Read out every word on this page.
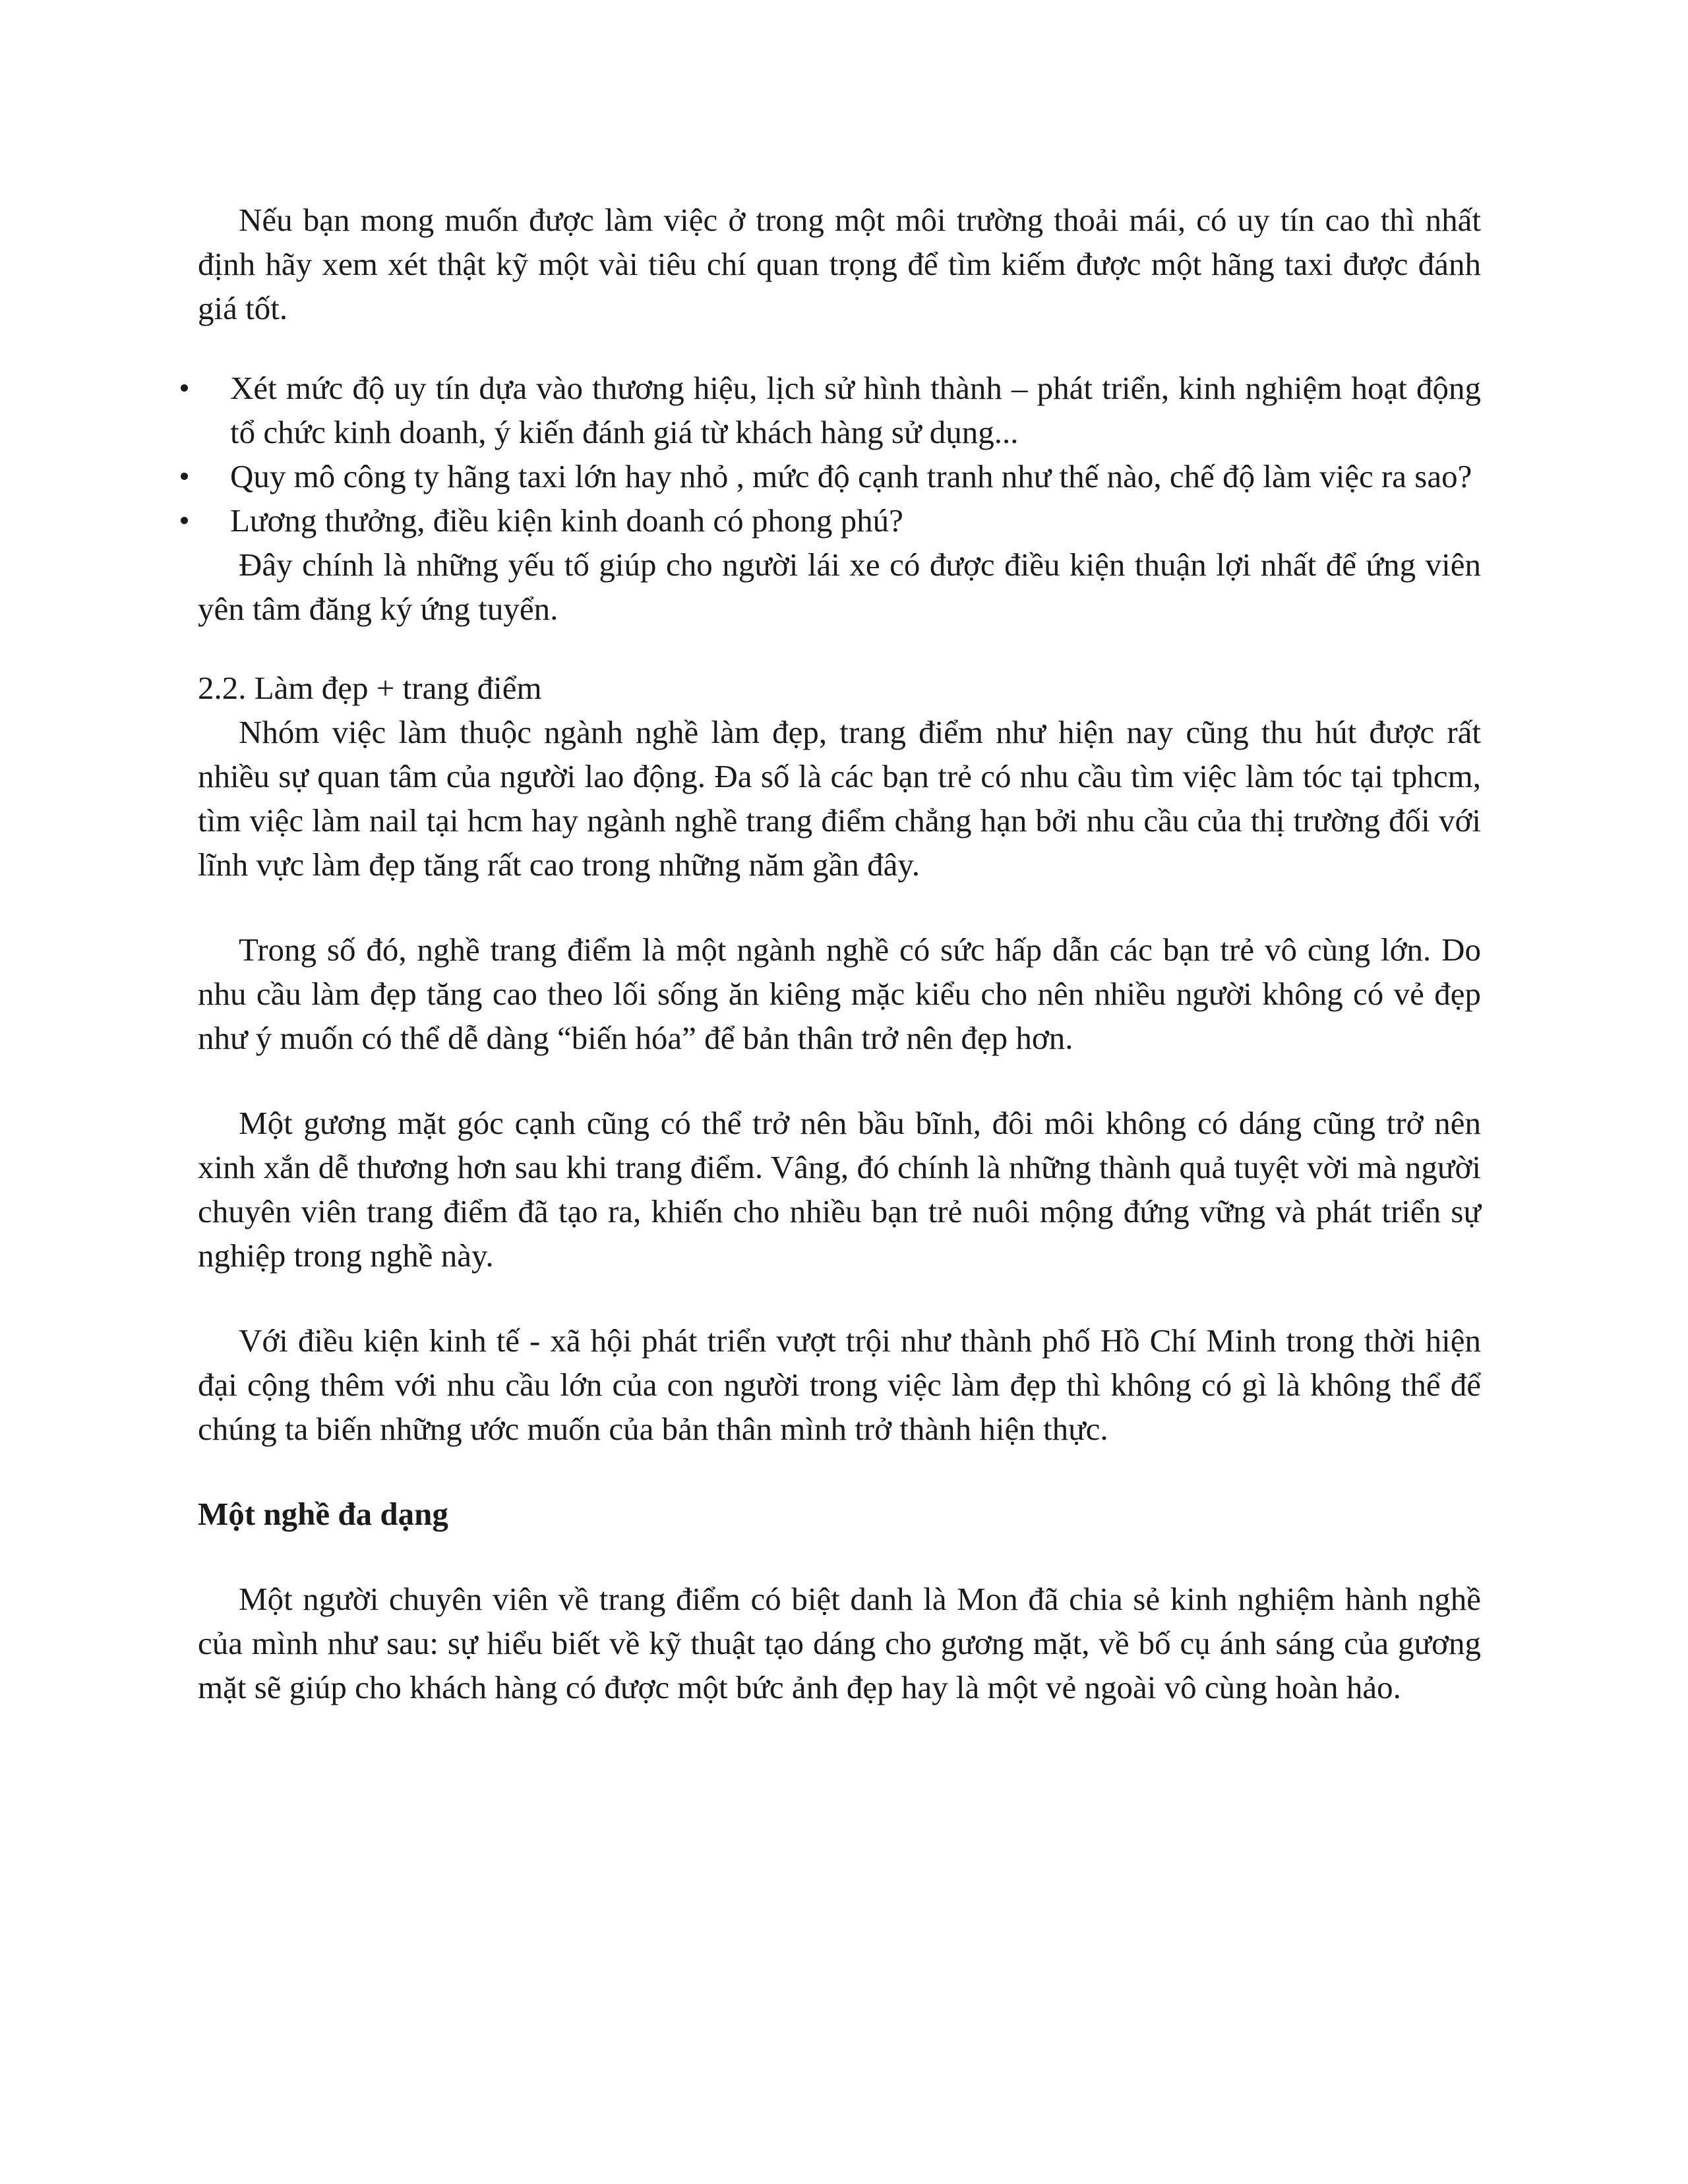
Nếu bạn mong muốn được làm việc ở trong một môi trường thoải mái, có uy tín cao thì nhất định hãy xem xét thật kỹ một vài tiêu chí quan trọng để tìm kiếm được một hãng taxi được đánh giá tốt.

Xét mức độ uy tín dựa vào thương hiệu, lịch sử hình thành – phát triển, kinh nghiệm hoạt động tổ chức kinh doanh, ý kiến đánh giá từ khách hàng sử dụng...
Quy mô công ty hãng taxi lớn hay nhỏ , mức độ cạnh tranh như thế nào, chế độ làm việc ra sao?
Lương thưởng, điều kiện kinh doanh có phong phú?

Đây chính là những yếu tố giúp cho người lái xe có được điều kiện thuận lợi nhất để ứng viên yên tâm đăng ký ứng tuyển.

2.2. Làm đẹp + trang điểm

Nhóm việc làm thuộc ngành nghề làm đẹp, trang điểm như hiện nay cũng thu hút được rất nhiều sự quan tâm của người lao động. Đa số là các bạn trẻ có nhu cầu tìm việc làm tóc tại tphcm, tìm việc làm nail tại hcm hay ngành nghề trang điểm chẳng hạn bởi nhu cầu của thị trường đối với lĩnh vực làm đẹp tăng rất cao trong những năm gần đây.

Trong số đó, nghề trang điểm là một ngành nghề có sức hấp dẫn các bạn trẻ vô cùng lớn. Do nhu cầu làm đẹp tăng cao theo lối sống ăn kiêng mặc kiểu cho nên nhiều người không có vẻ đẹp như ý muốn có thể dễ dàng “biến hóa” để bản thân trở nên đẹp hơn.

Một gương mặt góc cạnh cũng có thể trở nên bầu bĩnh, đôi môi không có dáng cũng trở nên xinh xắn dễ thương hơn sau khi trang điểm. Vâng, đó chính là những thành quả tuyệt vời mà người chuyên viên trang điểm đã tạo ra, khiến cho nhiều bạn trẻ nuôi mộng đứng vững và phát triển sự nghiệp trong nghề này.

Với điều kiện kinh tế - xã hội phát triển vượt trội như thành phố Hồ Chí Minh trong thời hiện đại cộng thêm với nhu cầu lớn của con người trong việc làm đẹp thì không có gì là không thể để chúng ta biến những ước muốn của bản thân mình trở thành hiện thực.

Một nghề đa dạng

Một người chuyên viên về trang điểm có biệt danh là Mon đã chia sẻ kinh nghiệm hành nghề của mình như sau: sự hiểu biết về kỹ thuật tạo dáng cho gương mặt, về bố cụ ánh sáng của gương mặt sẽ giúp cho khách hàng có được một bức ảnh đẹp hay là một vẻ ngoài vô cùng hoàn hảo.
